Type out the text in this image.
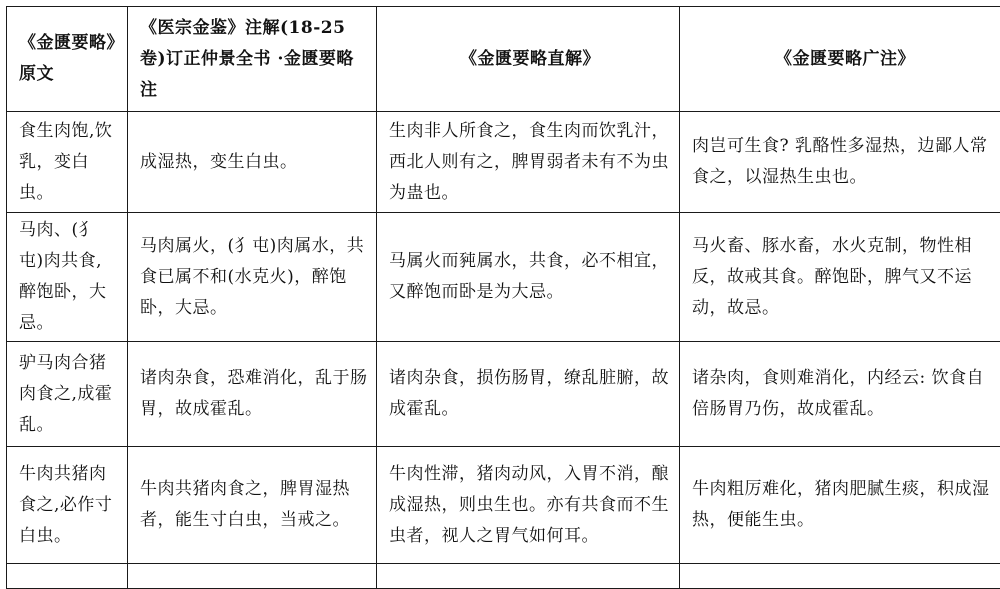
《金匮要略》原文	《医宗金鉴》注解(18-25卷)订正仲景全书 ·金匮要略注	《金匮要略直解》	《金匮要略广注》
食生肉饱,饮乳，变白虫。	成湿热，变生白虫。	生肉非人所食之，食生肉而饮乳汁，西北人则有之，脾胃弱者未有不为虫为蛊也。	肉岂可生食? 乳酪性多湿热，边鄙人常食之，以湿热生虫也。
马肉、(犭屯)肉共食,醉饱卧，大忌。	马肉属火，(犭屯)肉属水，共食已属不和(水克火)，醉饱卧，大忌。	马属火而豘属水，共食，必不相宜，又醉饱而卧是为大忌。	马火畜、豚水畜，水火克制，物性相反，故戒其食。醉饱卧，脾气又不运动，故忌。
驴马肉合猪肉食之,成霍乱。	诸肉杂食，恐难消化，乱于肠胃，故成霍乱。	诸肉杂食，损伤肠胃，缭乱脏腑，故成霍乱。	诸杂肉，食则难消化，内经云: 饮食自倍肠胃乃伤，故成霍乱。
牛肉共猪肉食之,必作寸白虫。	牛肉共猪肉食之，脾胃湿热者，能生寸白虫，当戒之。	牛肉性滞，猪肉动风，入胃不消，酿成湿热，则虫生也。亦有共食而不生虫者，视人之胃气如何耳。	牛肉粗厉难化，猪肉肥腻生痰，积成湿热，便能生虫。
